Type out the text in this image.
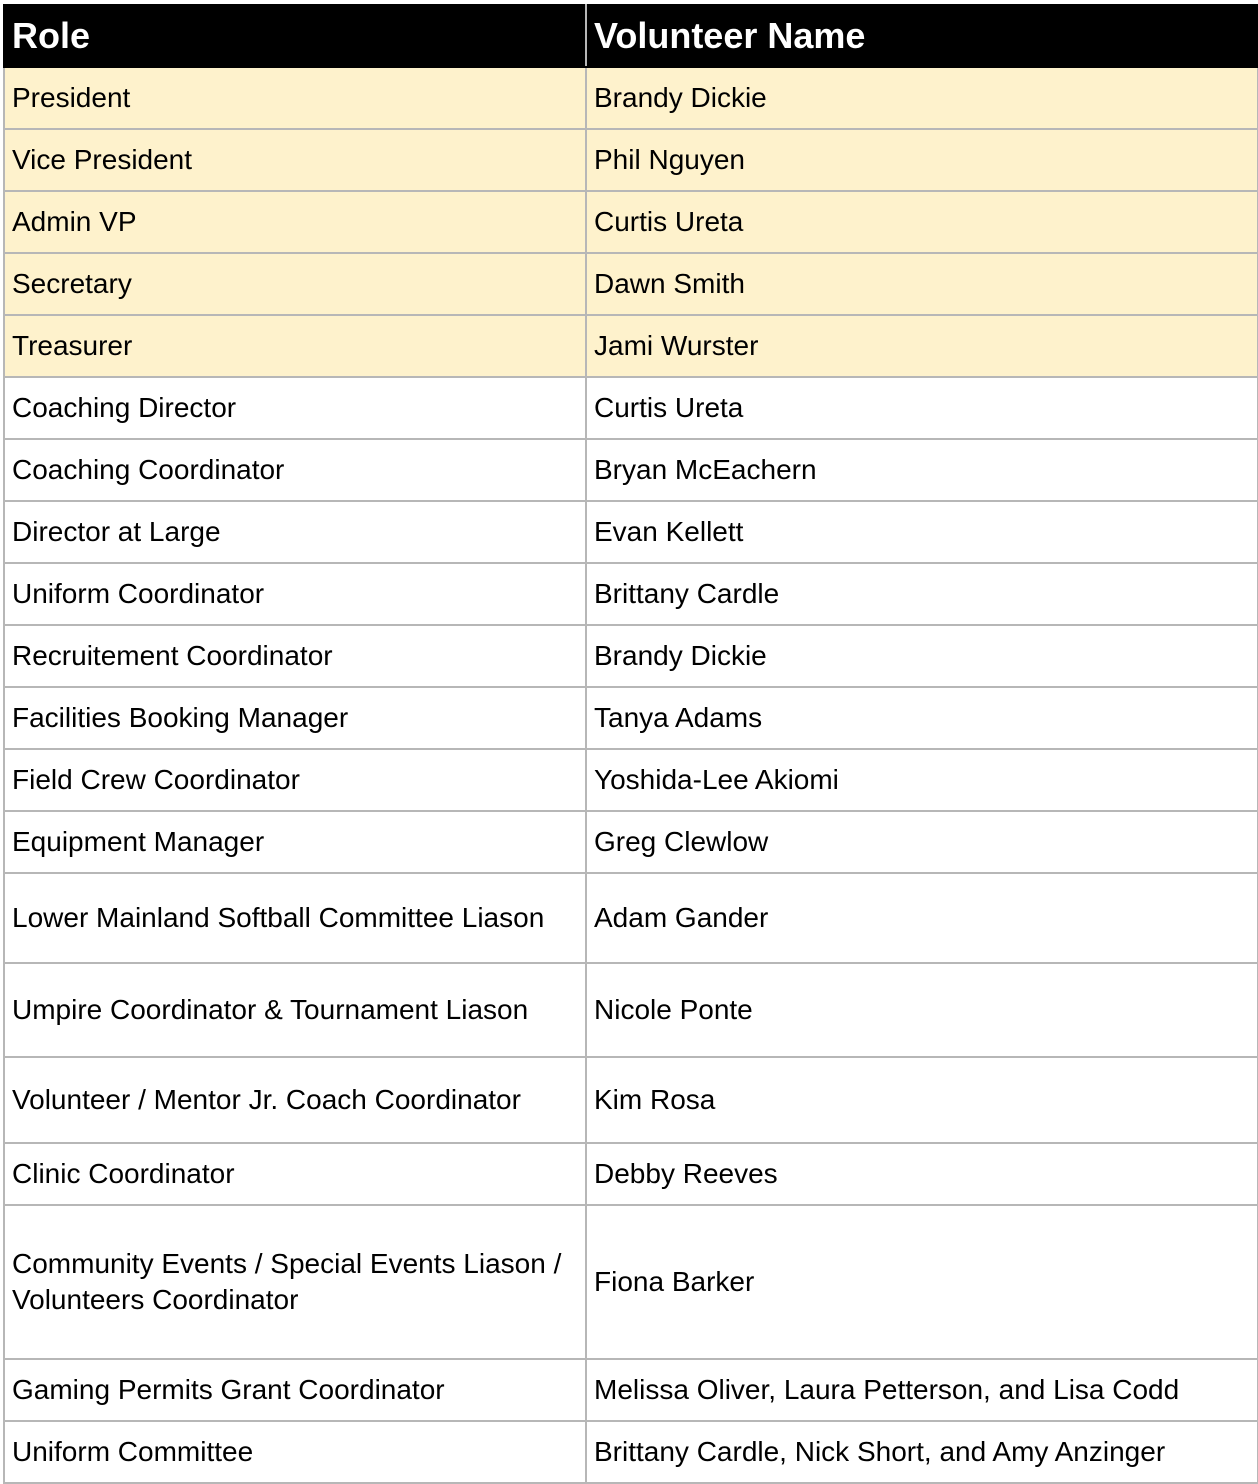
Role	Volunteer Name
President	Brandy Dickie
Vice President	Phil Nguyen
Admin VP	Curtis Ureta
Secretary	Dawn Smith
Treasurer	Jami Wurster
Coaching Director	Curtis Ureta
Coaching Coordinator	Bryan McEachern
Director at Large	Evan Kellett
Uniform Coordinator	Brittany Cardle
Recruitement Coordinator	Brandy Dickie
Facilities Booking Manager	Tanya Adams
Field Crew Coordinator	Yoshida-Lee Akiomi
Equipment Manager	Greg Clewlow
Lower Mainland Softball Committee Liason	Adam Gander
Umpire Coordinator & Tournament Liason	Nicole Ponte
Volunteer / Mentor Jr. Coach Coordinator	Kim Rosa
Clinic Coordinator	Debby Reeves
Community Events / Special Events Liason / Volunteers Coordinator	Fiona Barker
Gaming Permits Grant Coordinator	Melissa Oliver, Laura Petterson, and Lisa Codd
Uniform Committee	Brittany Cardle, Nick Short, and Amy Anzinger
